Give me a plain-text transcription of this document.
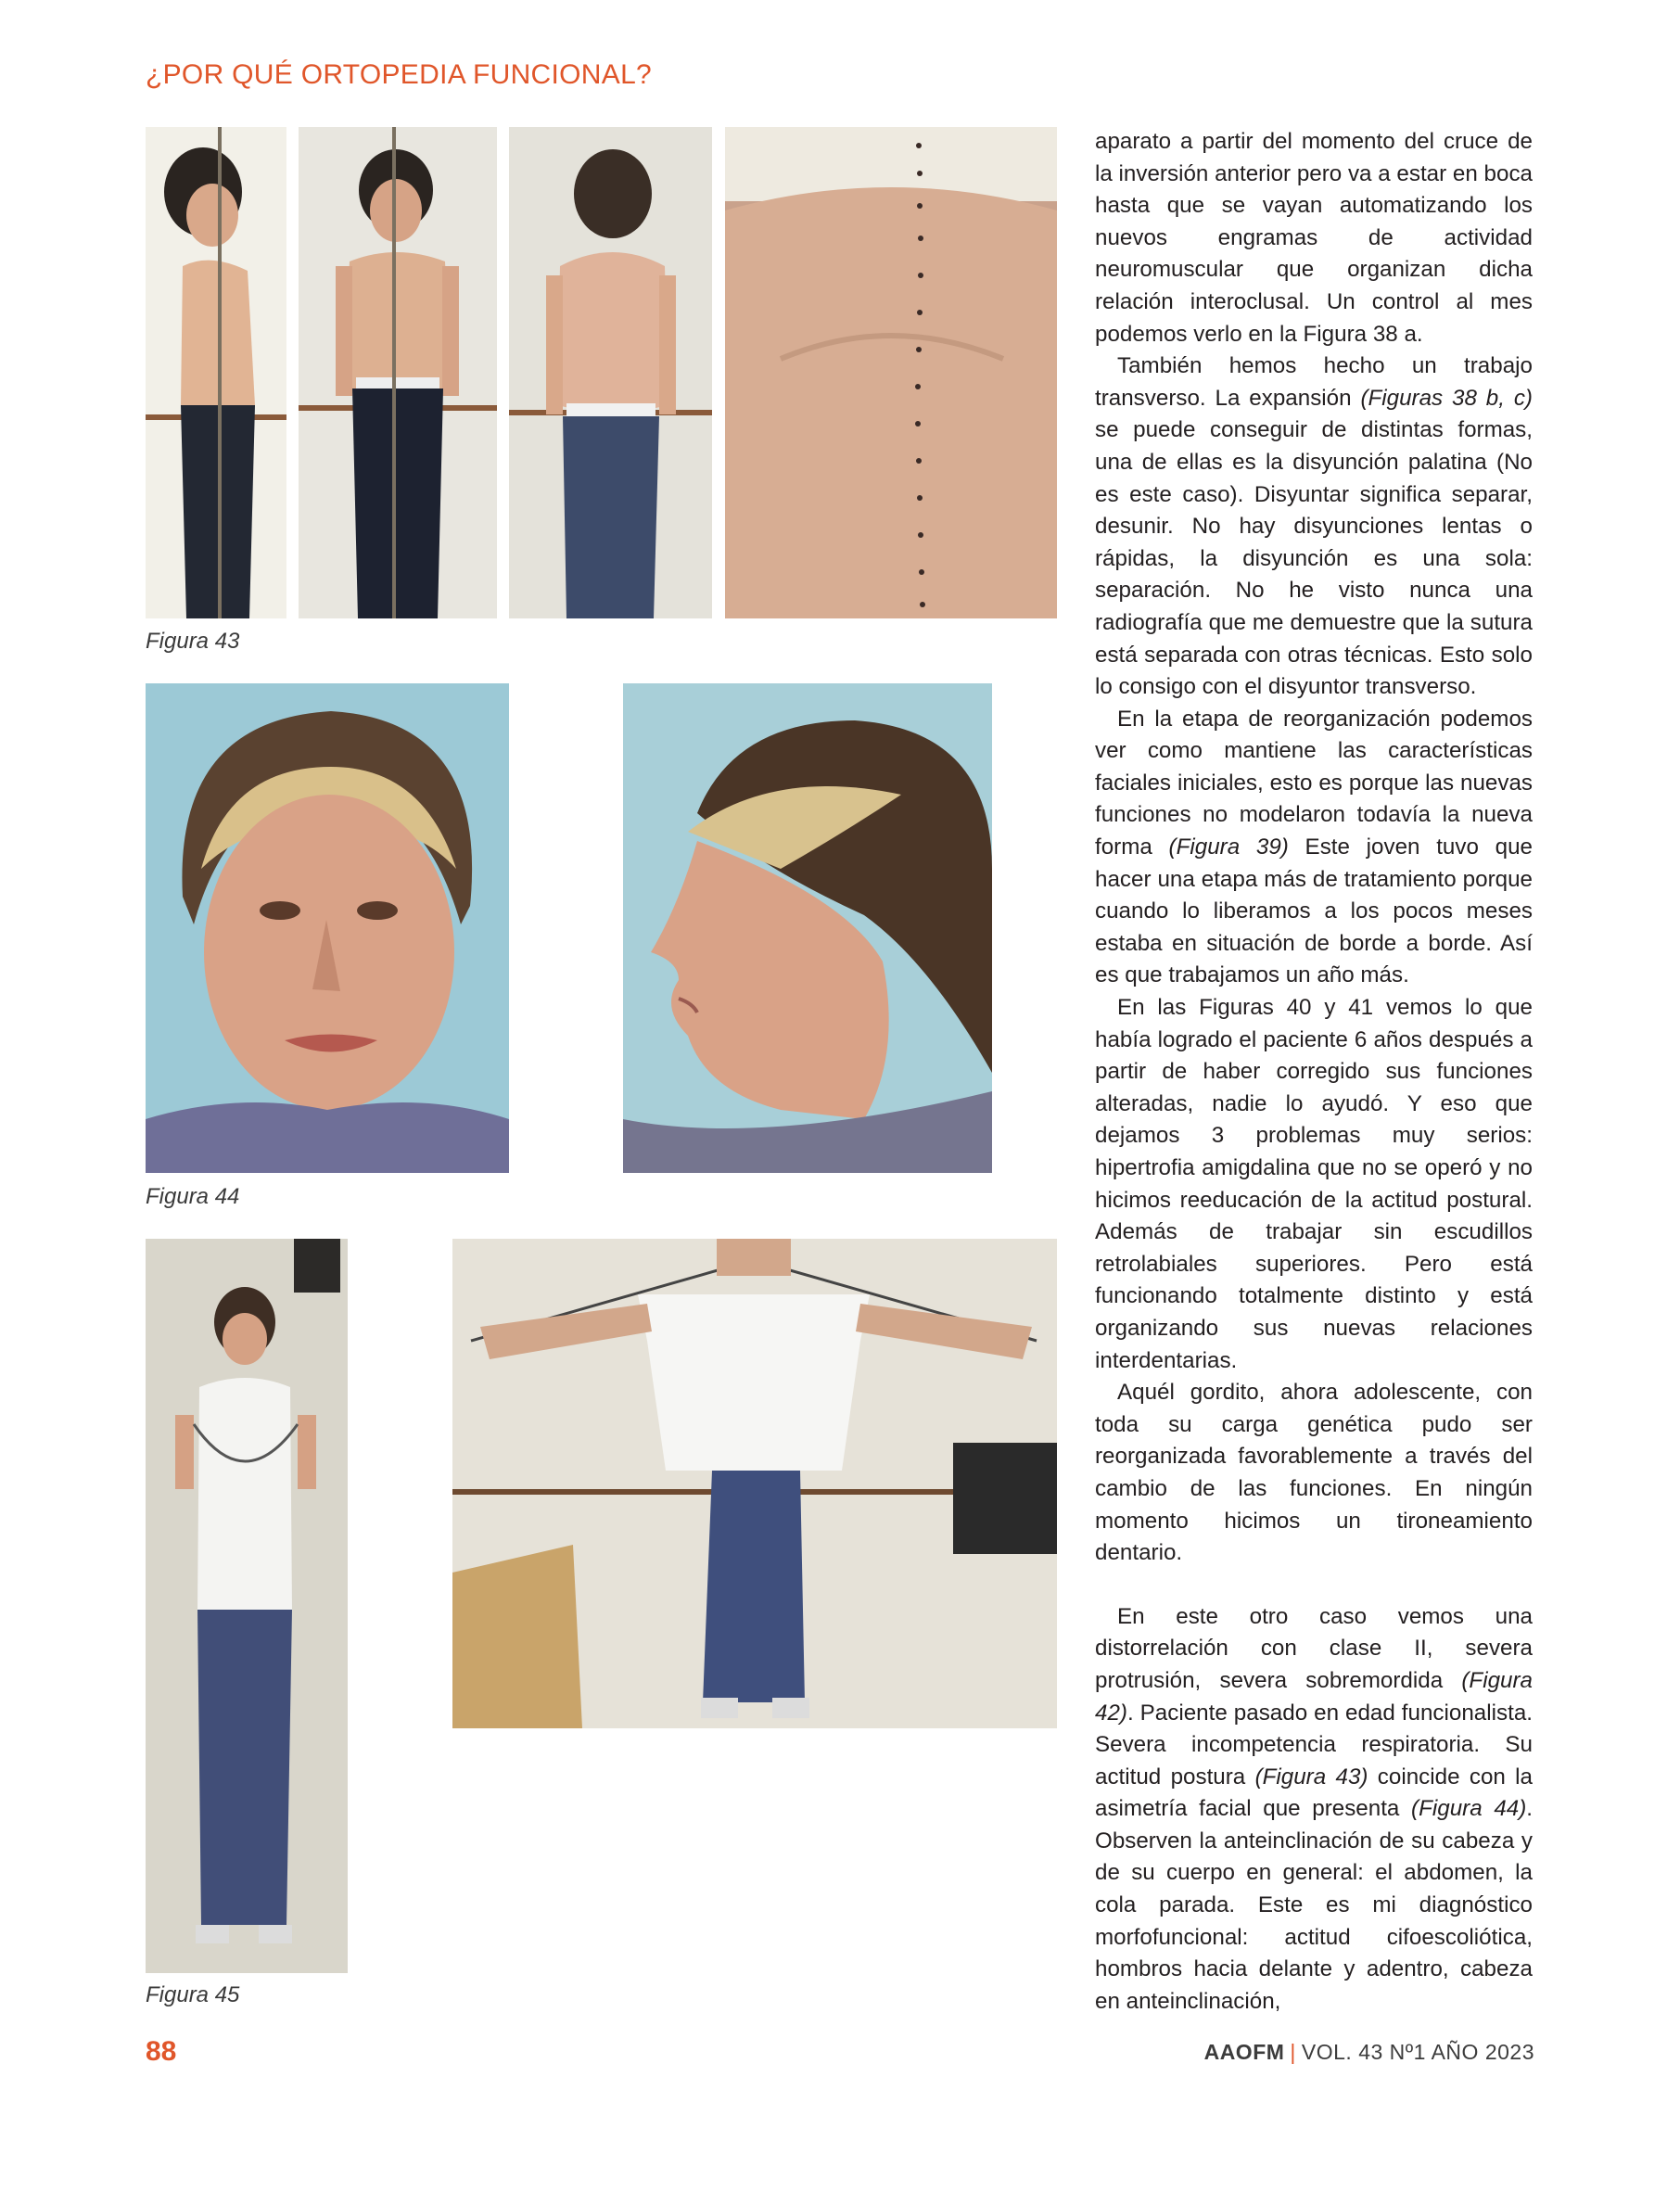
¿POR QUÉ ORTOPEDIA FUNCIONAL?
Figura 43
Figura 44
Figura 45

aparato a partir del momento del cruce de la inversión anterior pero va a estar en boca hasta que se vayan automatizando los nuevos engramas de actividad neuromuscular que organizan dicha relación interoclusal. Un control al mes podemos verlo en la Figura 38 a.

También hemos hecho un trabajo transverso. La expansión (Figuras 38 b, c) se puede conseguir de distintas formas, una de ellas es la disyunción palatina (No es este caso). Disyuntar significa separar, desunir. No hay disyunciones lentas o rápidas, la disyunción es una sola: separación. No he visto nunca una radiografía que me demuestre que la sutura está separada con otras técnicas. Esto solo lo consigo con el disyuntor transverso.

En la etapa de reorganización podemos ver como mantiene las características faciales iniciales, esto es porque las nuevas funciones no modelaron todavía la nueva forma (Figura 39) Este joven tuvo que hacer una etapa más de tratamiento porque cuando lo liberamos a los pocos meses estaba en situación de borde a borde. Así es que trabajamos un año más.

En las Figuras 40 y 41 vemos lo que había logrado el paciente 6 años después a partir de haber corregido sus funciones alteradas, nadie lo ayudó. Y eso que dejamos 3 problemas muy serios: hipertrofia amigdalina que no se operó y no hicimos reeducación de la actitud postural. Además de trabajar sin escudillos retrolabiales superiores. Pero está funcionando totalmente distinto y está organizando sus nuevas relaciones interdentarias.

Aquél gordito, ahora adolescente, con toda su carga genética pudo ser reorganizada favorablemente a través del cambio de las funciones. En ningún momento hicimos un tironeamiento dentario.

En este otro caso vemos una distorrelación con clase II, severa protrusión, severa sobremordida (Figura 42). Paciente pasado en edad funcionalista. Severa incompetencia respiratoria. Su actitud postura (Figura 43) coincide con la asimetría facial que presenta (Figura 44). Observen la anteinclinación de su cabeza y de su cuerpo en general: el abdomen, la cola parada. Este es mi diagnóstico morfofuncional: actitud cifoescoliótica, hombros hacia delante y adentro, cabeza en anteinclinación,

88	AAOFM | VOL. 43 Nº1 AÑO 2023
